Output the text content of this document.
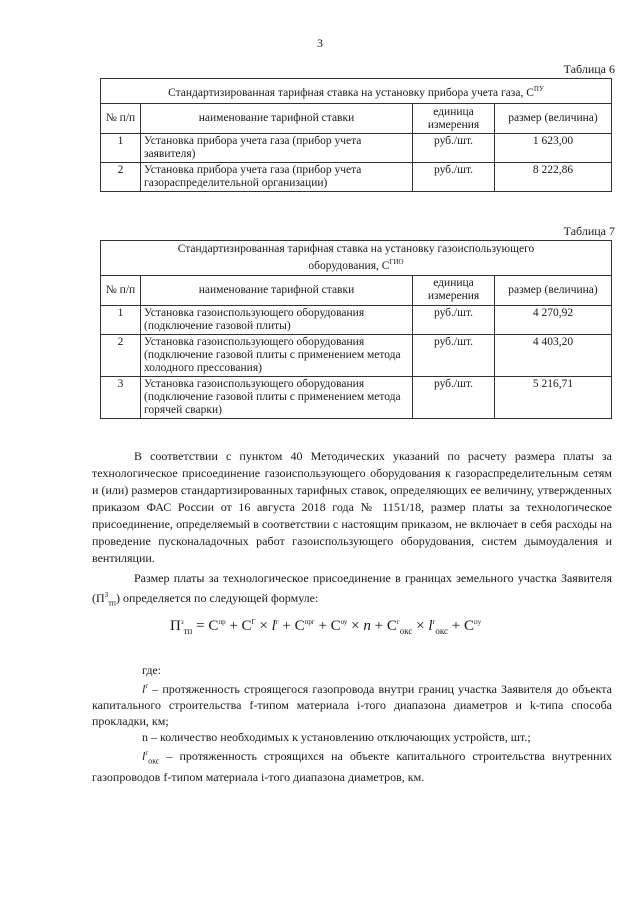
3
Таблица 6
Стандартизированная тарифная ставка на установку прибора учета газа, $С^{ПУ}$
№ п/п	наименование тарифной ставки	единица измерения	размер (величина)
1	Установка прибора учета газа (прибор учета заявителя)	руб./шт.	1 623,00
2	Установка прибора учета газа (прибор учета газораспределительной организации)	руб./шт.	8 222,86
Таблица 7
Стандартизированная тарифная ставка на установку газоиспользующего оборудования, $С^{ГИО}$
№ п/п	наименование тарифной ставки	единица измерения	размер (величина)
1	Установка газоиспользующего оборудования (подключение газовой плиты)	руб./шт.	4 270,92
2	Установка газоиспользующего оборудования (подключение газовой плиты с применением метода холодного прессования)	руб./шт.	4 403,20
3	Установка газоиспользующего оборудования (подключение газовой плиты с применением метода горячей сварки)	руб./шт.	5 216,71

В соответствии с пунктом 40 Методических указаний по расчету размера платы за технологическое присоединение газоиспользующего оборудования к газораспределительным сетям и (или) размеров стандартизированных тарифных ставок, определяющих ее величину, утвержденных приказом ФАС России от 16 августа 2018 года № 1151/18, размер платы за технологическое присоединение, определяемый в соответствии с настоящим приказом, не включает в себя расходы на проведение пусконаладочных работ газоиспользующего оборудования, систем дымоудаления и вентиляции.

Размер платы за технологическое присоединение в границах земельного участка Заявителя $(П^З_{тп})$ определяется по следующей формуле:

$П^з_{тп} = С^{пр} + С^Г \times l^г + С^{прг} + С^{оу} \times n + С^г_{окс} \times l^г_{окс} + С^{пу}$
где:

$l^г$ – протяженность строящегося газопровода внутри границ участка Заявителя до объекта капитального строительства f-типом материала i-того диапазона диаметров и k-типа способа прокладки, км;

n – количество необходимых к установлению отключающих устройств, шт.;

$l^г_{окс}$ – протяженность строящихся на объекте капитального строительства внутренних газопроводов f-типом материала i-того диапазона диаметров, км.
